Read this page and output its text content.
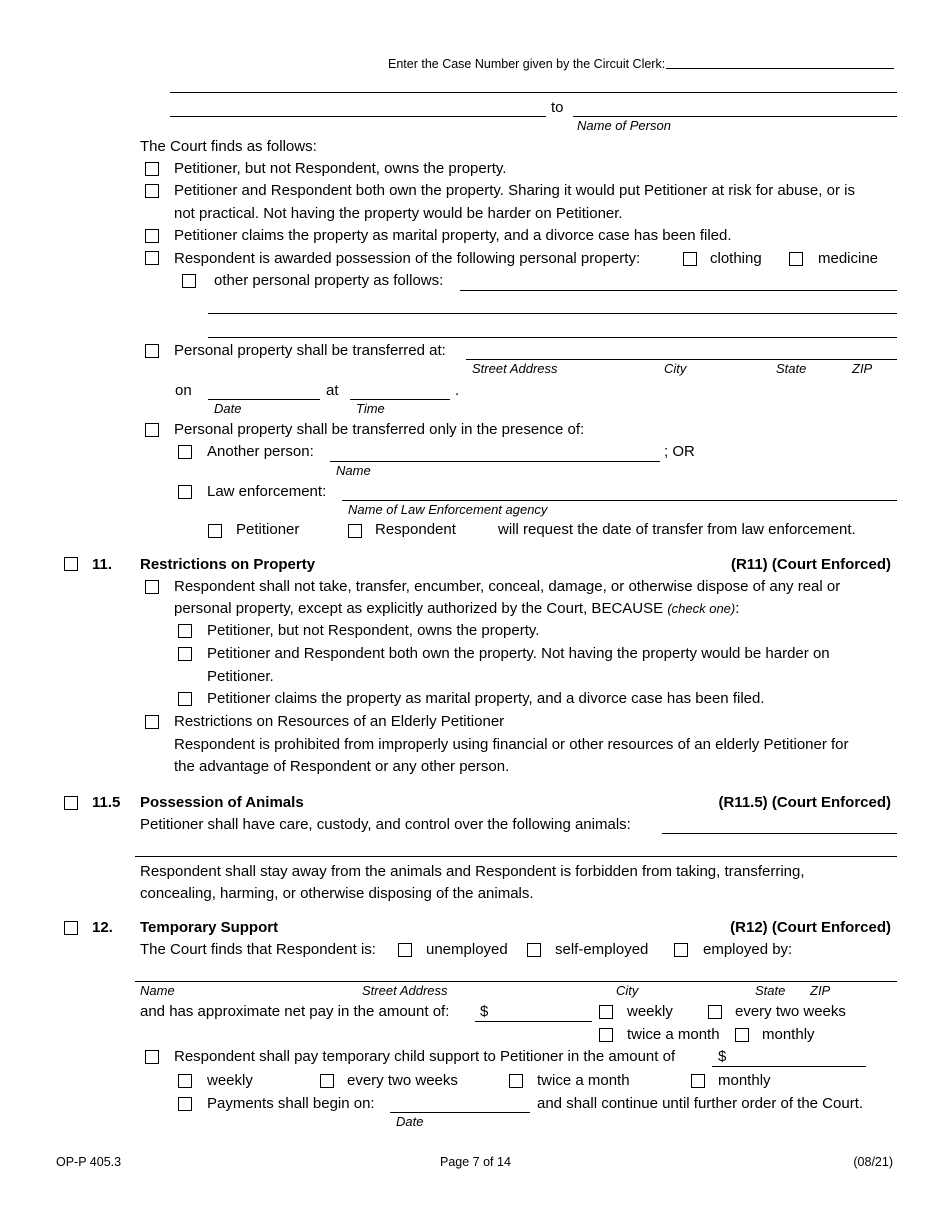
Enter the Case Number given by the Circuit Clerk:
to
Name of Person
The Court finds as follows:
Petitioner, but not Respondent, owns the property.
Petitioner and Respondent both own the property. Sharing it would put Petitioner at risk for abuse, or is
not practical. Not having the property would be harder on Petitioner.
Petitioner claims the property as marital property, and a divorce case has been filed.
Respondent is awarded possession of the following personal property:	clothing	medicine
other personal property as follows:
Personal property shall be transferred at:
Street Address	City	State	ZIP
on
Date
at
Time
.
Personal property shall be transferred only in the presence of:
Another person:
Name
; OR
Law enforcement:
Name of Law Enforcement agency
Petitioner	Respondent	will request the date of transfer from law enforcement.
11. Restrictions on Property	(R11) (Court Enforced)
Respondent shall not take, transfer, encumber, conceal, damage, or otherwise dispose of any real or
personal property, except as explicitly authorized by the Court, BECAUSE (check one):
Petitioner, but not Respondent, owns the property.
Petitioner and Respondent both own the property. Not having the property would be harder on
Petitioner.
Petitioner claims the property as marital property, and a divorce case has been filed.
Restrictions on Resources of an Elderly Petitioner
Respondent is prohibited from improperly using financial or other resources of an elderly Petitioner for
the advantage of Respondent or any other person.
11.5 Possession of Animals	(R11.5) (Court Enforced)
Petitioner shall have care, custody, and control over the following animals:
Respondent shall stay away from the animals and Respondent is forbidden from taking, transferring,
concealing, harming, or otherwise disposing of the animals.
12. Temporary Support	(R12) (Court Enforced)
The Court finds that Respondent is:	unemployed	self-employed	employed by:
Name	Street Address	City	State ZIP
and has approximate net pay in the amount of: $	weekly	every two weeks
twice a month	monthly
Respondent shall pay temporary child support to Petitioner in the amount of	$
weekly	every two weeks	twice a month	monthly
Payments shall begin on:
Date
and shall continue until further order of the Court.
OP-P 405.3	Page 7 of 14	(08/21)
